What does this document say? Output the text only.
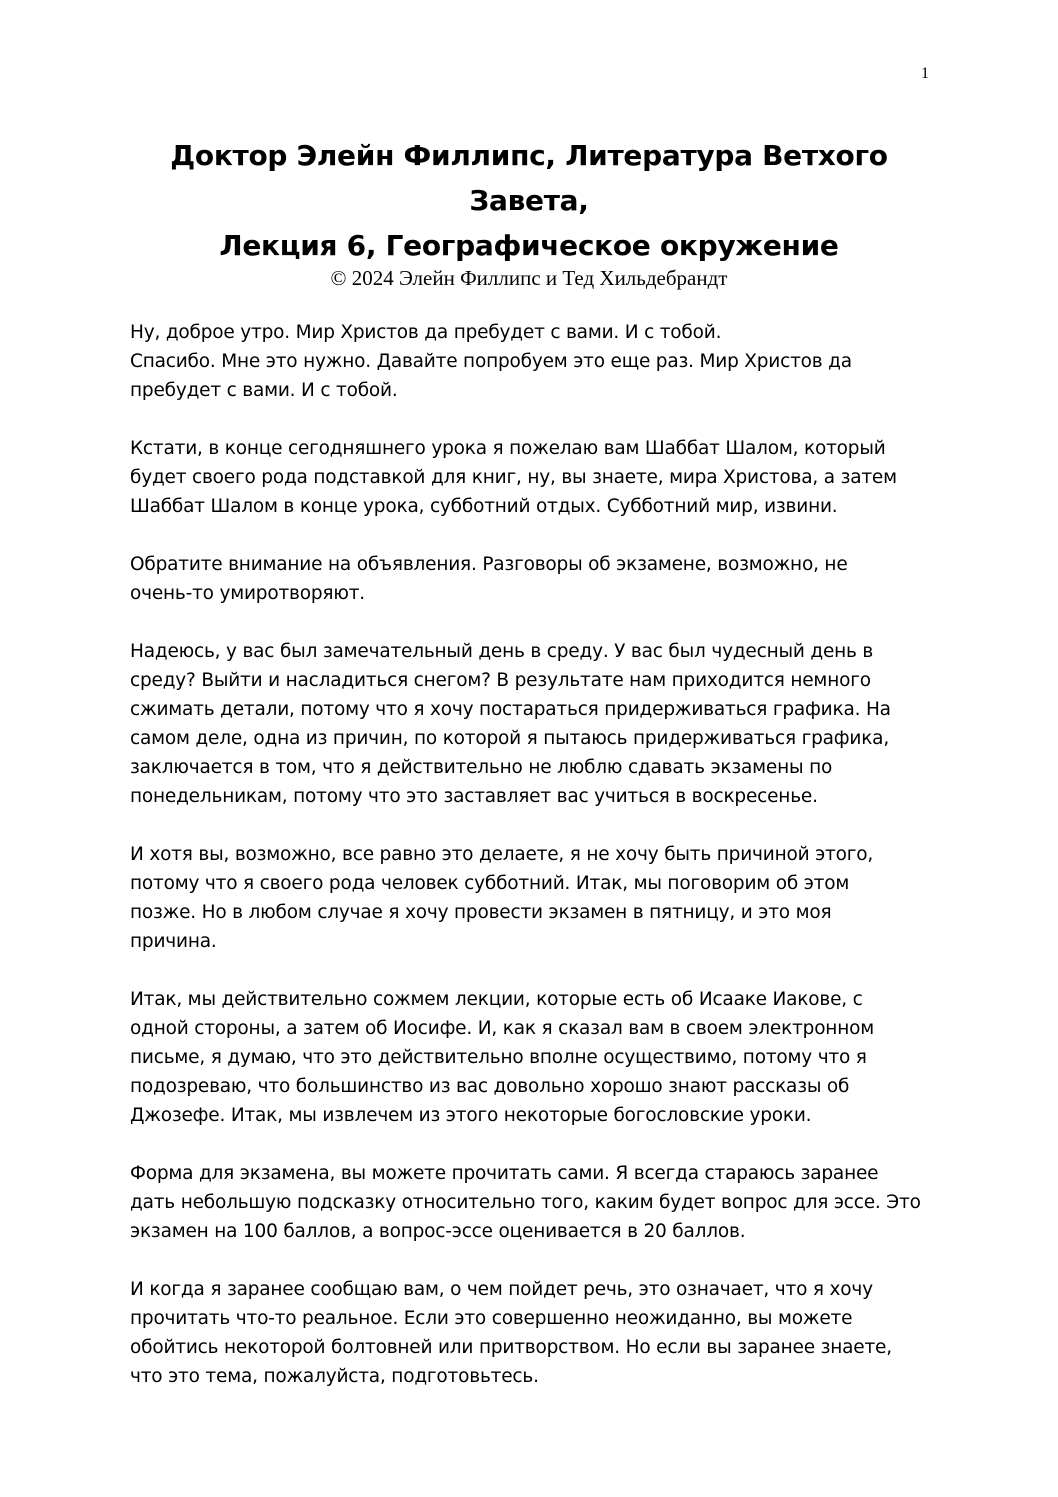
1
Доктор Элейн Филлипс, Литература Ветхого
Завета,
Лекция 6, Географическое окружение
© 2024 Элейн Филлипс и Тед Хильдебрандт

Ну, доброе утро. Мир Христов да пребудет с вами. И с тобой.
Спасибо. Мне это нужно. Давайте попробуем это еще раз. Мир Христов да
пребудет с вами. И с тобой.

Кстати, в конце сегодняшнего урока я пожелаю вам Шаббат Шалом, который
будет своего рода подставкой для книг, ну, вы знаете, мира Христова, а затем
Шаббат Шалом в конце урока, субботний отдых. Субботний мир, извини.

Обратите внимание на объявления. Разговоры об экзамене, возможно, не
очень-то умиротворяют.

Надеюсь, у вас был замечательный день в среду. У вас был чудесный день в
среду? Выйти и насладиться снегом? В результате нам приходится немного
сжимать детали, потому что я хочу постараться придерживаться графика. На
самом деле, одна из причин, по которой я пытаюсь придерживаться графика,
заключается в том, что я действительно не люблю сдавать экзамены по
понедельникам, потому что это заставляет вас учиться в воскресенье.

И хотя вы, возможно, все равно это делаете, я не хочу быть причиной этого,
потому что я своего рода человек субботний. Итак, мы поговорим об этом
позже. Но в любом случае я хочу провести экзамен в пятницу, и это моя
причина.

Итак, мы действительно сожмем лекции, которые есть об Исааке Иакове, с
одной стороны, а затем об Иосифе. И, как я сказал вам в своем электронном
письме, я думаю, что это действительно вполне осуществимо, потому что я
подозреваю, что большинство из вас довольно хорошо знают рассказы об
Джозефе. Итак, мы извлечем из этого некоторые богословские уроки.

Форма для экзамена, вы можете прочитать сами. Я всегда стараюсь заранее
дать небольшую подсказку относительно того, каким будет вопрос для эссе. Это
экзамен на 100 баллов, а вопрос-эссе оценивается в 20 баллов.

И когда я заранее сообщаю вам, о чем пойдет речь, это означает, что я хочу
прочитать что-то реальное. Если это совершенно неожиданно, вы можете
обойтись некоторой болтовней или притворством. Но если вы заранее знаете,
что это тема, пожалуйста, подготовьтесь.
